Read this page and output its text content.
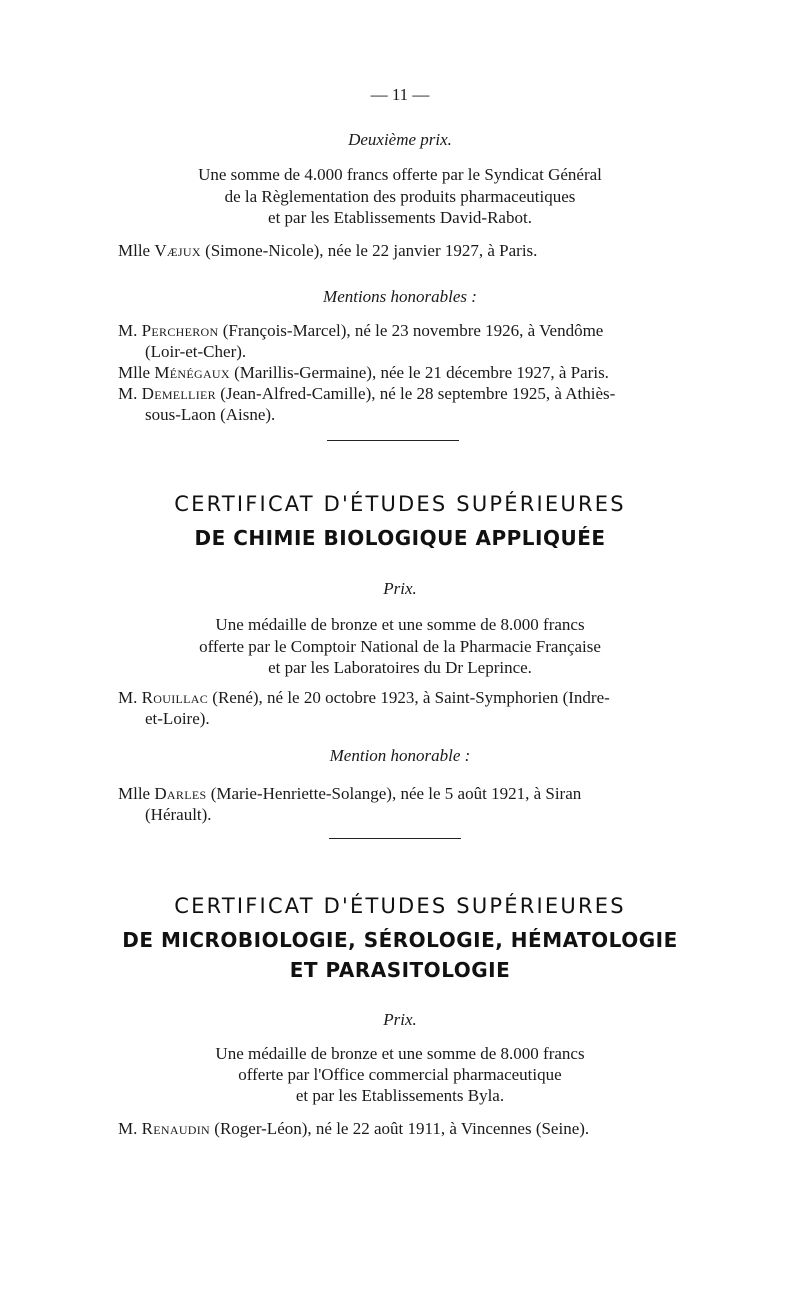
— 11 —
Deuxième prix.
Une somme de 4.000 francs offerte par le Syndicat Général
de la Règlementation des produits pharmaceutiques
et par les Etablissements David-Rabot.
Mlle Væjux (Simone-Nicole), née le 22 janvier 1927, à Paris.
Mentions honorables :
M. Percheron (François-Marcel), né le 23 novembre 1926, à Vendôme
(Loir-et-Cher).
Mlle Ménégaux (Marillis-Germaine), née le 21 décembre 1927, à Paris.
M. Demellier (Jean-Alfred-Camille), né le 28 septembre 1925, à Athiès-
sous-Laon (Aisne).
CERTIFICAT D'ÉTUDES SUPÉRIEURES
DE CHIMIE BIOLOGIQUE APPLIQUÉE
Prix.
Une médaille de bronze et une somme de 8.000 francs
offerte par le Comptoir National de la Pharmacie Française
et par les Laboratoires du Dr Leprince.
M. Rouillac (René), né le 20 octobre 1923, à Saint-Symphorien (Indre-
et-Loire).
Mention honorable :
Mlle Darles (Marie-Henriette-Solange), née le 5 août 1921, à Siran
(Hérault).
CERTIFICAT D'ÉTUDES SUPÉRIEURES
DE MICROBIOLOGIE, SÉROLOGIE, HÉMATOLOGIE
ET PARASITOLOGIE
Prix.
Une médaille de bronze et une somme de 8.000 francs
offerte par l'Office commercial pharmaceutique
et par les Etablissements Byla.
M. Renaudin (Roger-Léon), né le 22 août 1911, à Vincennes (Seine).
